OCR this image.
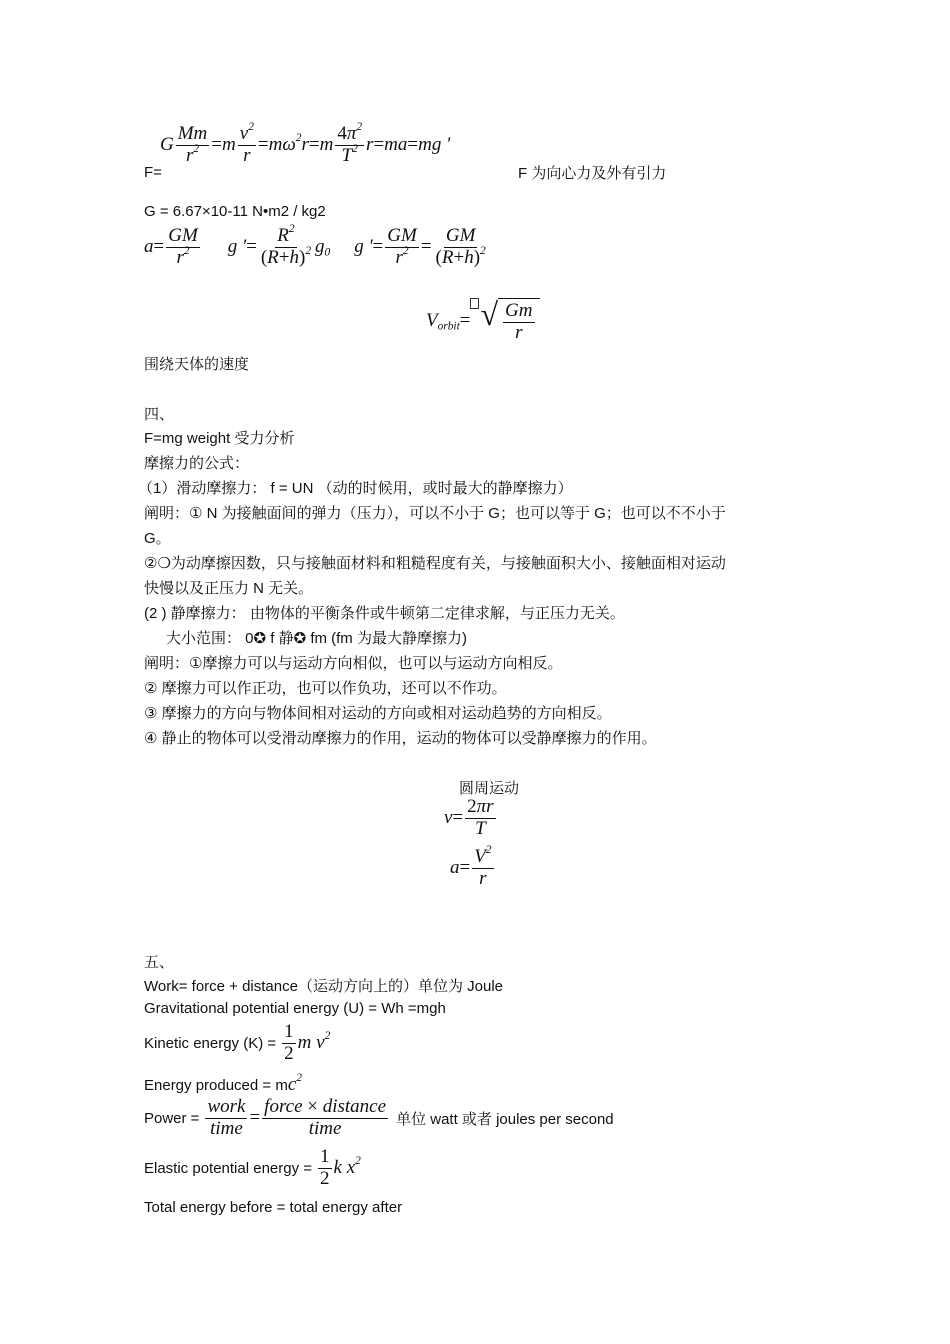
F=
G $\frac{Mm}{r^2} = m \frac{v^2}{r} = m\omega^2r = m \frac{4\pi^2}{T^2}$ r = ma = mg '
F 为向心力及外有引力
G = 6.67×10-11 N•m2 / kg2
$a = \frac{GM}{r^2}$ g ' = $\frac{R^2}{(R+h)^2} g_0$ g ' = $\frac{GM}{r^2} = \frac{GM}{(R+h)^2}$
$V_{orbit}$ = √ $\frac{Gm}{r}$
围绕天体的速度
四、
F=mg weight 受力分析
摩擦力的公式：
（1）滑动摩擦力： f = UN （动的时候用，或时最大的静摩擦力）
阐明：① N 为接触面间的弹力（压力），可以不小于 G；也可以等于 G；也可以不不小于
G。
②❍为动摩擦因数，只与接触面材料和粗糙程度有关，与接触面积大小、接触面相对运动
快慢以及正压力 N 无关。
(2 ) 静摩擦力： 由物体的平衡条件或牛顿第二定律求解，与正压力无关。
大小范围： 0✪ f 静✪ fm (fm 为最大静摩擦力)
阐明：①摩擦力可以与运动方向相似，也可以与运动方向相反。
② 摩擦力可以作正功，也可以作负功，还可以不作功。
③ 摩擦力的方向与物体间相对运动的方向或相对运动趋势的方向相反。
④ 静止的物体可以受滑动摩擦力的作用，运动的物体可以受静摩擦力的作用。
圆周运动
$v = \frac{2\pi r}{T}$
$a = \frac{V^2}{r}$
五、
Work= force + distance（运动方向上的）单位为 Joule
Gravitational potential energy (U) = Wh =mgh
Kinetic energy $(K) = \frac{1}{2}$ m $v^2$
Energy produced = m $c^2$
Power = $\frac{\text{work}}{\text{time}} = \frac{\text{force × distance}}{\text{time}}$ 单位 watt 或者 joules per second
Elastic potential energy = $\frac{1}{2}$ k $x^2$
Total energy before = total energy after
